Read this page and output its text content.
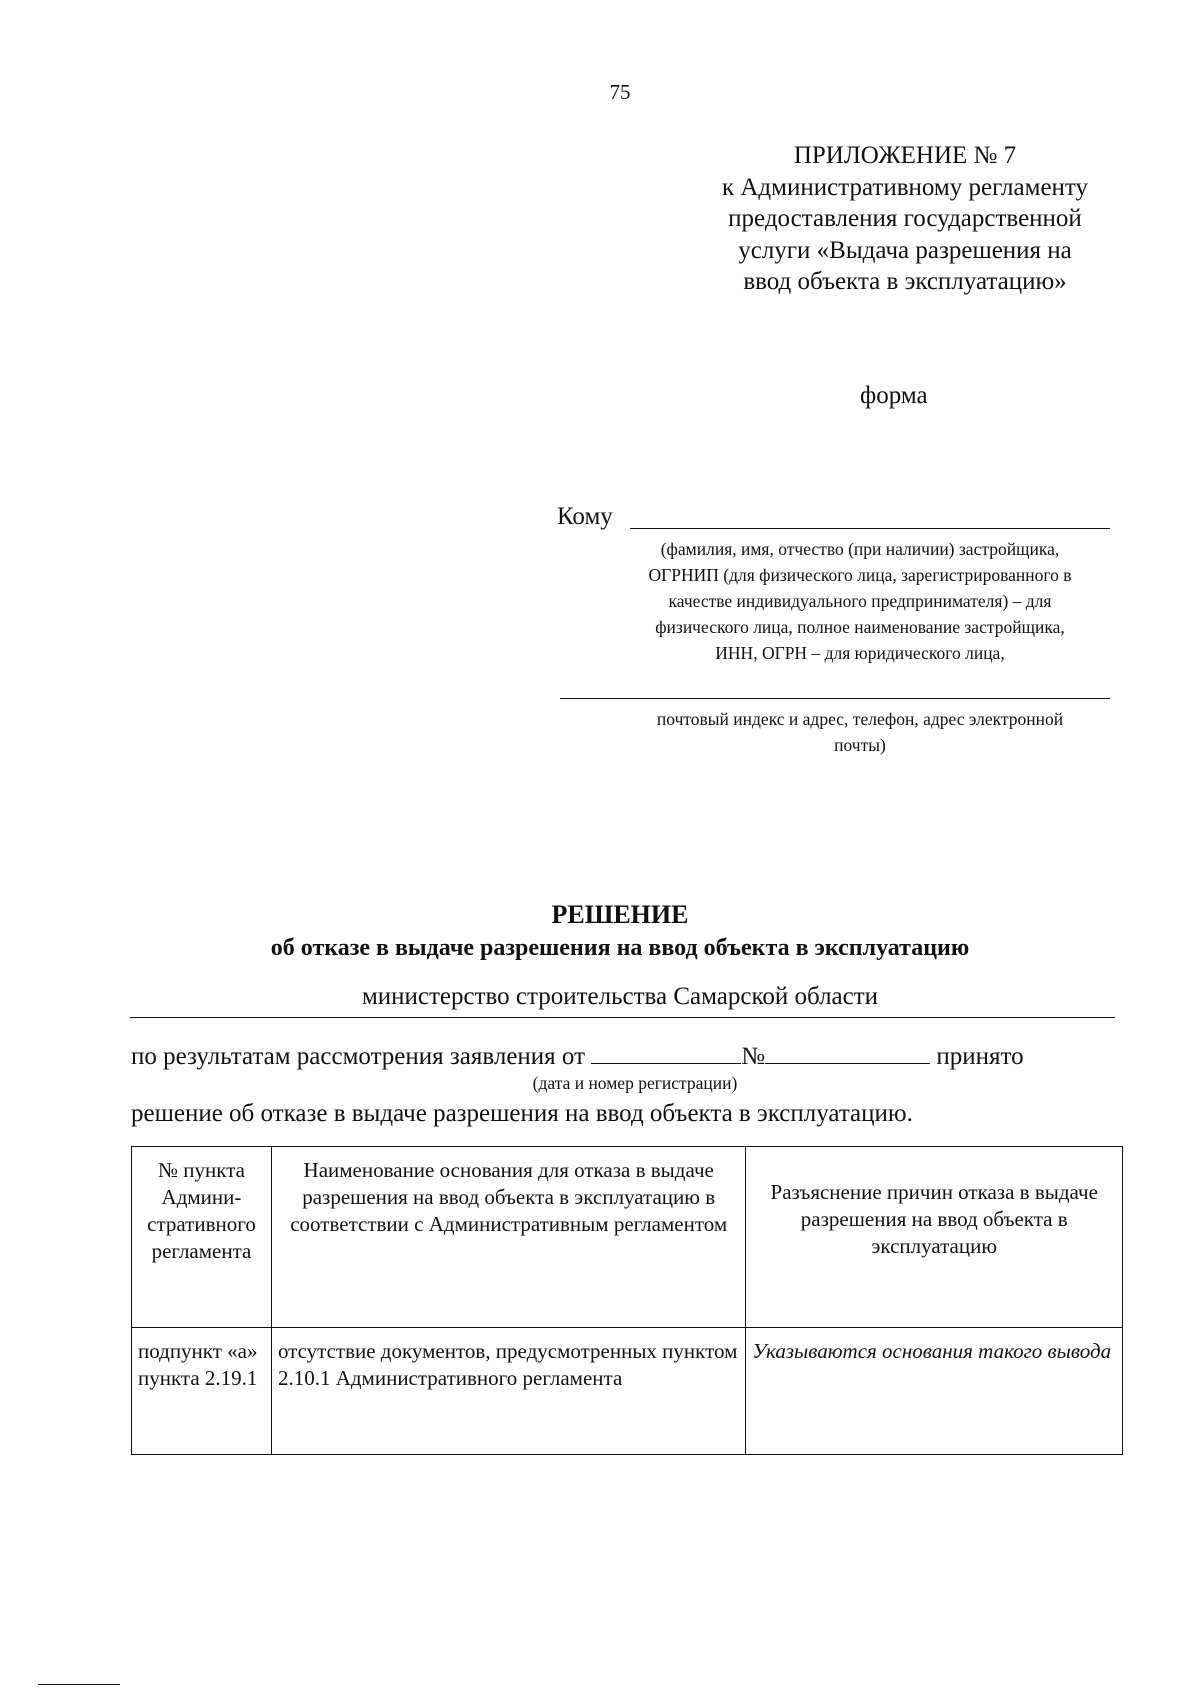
75
ПРИЛОЖЕНИЕ № 7
к Административному регламенту
предоставления государственной
услуги «Выдача разрешения на
ввод объекта в эксплуатацию»
форма
Кому
(фамилия, имя, отчество (при наличии) застройщика,
ОГРНИП (для физического лица, зарегистрированного в
качестве индивидуального предпринимателя) – для
физического лица, полное наименование застройщика,
ИНН, ОГРН – для юридического лица,
почтовый индекс и адрес, телефон, адрес электронной
почты)
РЕШЕНИЕ
об отказе в выдаче разрешения на ввод объекта в эксплуатацию
министерство строительства Самарской области
по результатам рассмотрения заявления от	№	принято
(дата и номер регистрации)
решение об отказе в выдаче разрешения на ввод объекта в эксплуатацию.
№ пункта Админи-стративного регламента	Наименование основания для отказа в выдаче разрешения на ввод объекта в эксплуатацию в соответствии с Административным регламентом	Разъяснение причин отказа в выдаче разрешения на ввод объекта в эксплуатацию
подпункт «а» пункта 2.19.1	отсутствие документов, предусмотренных пунктом 2.10.1 Административного регламента	Указываются основания такого вывода
